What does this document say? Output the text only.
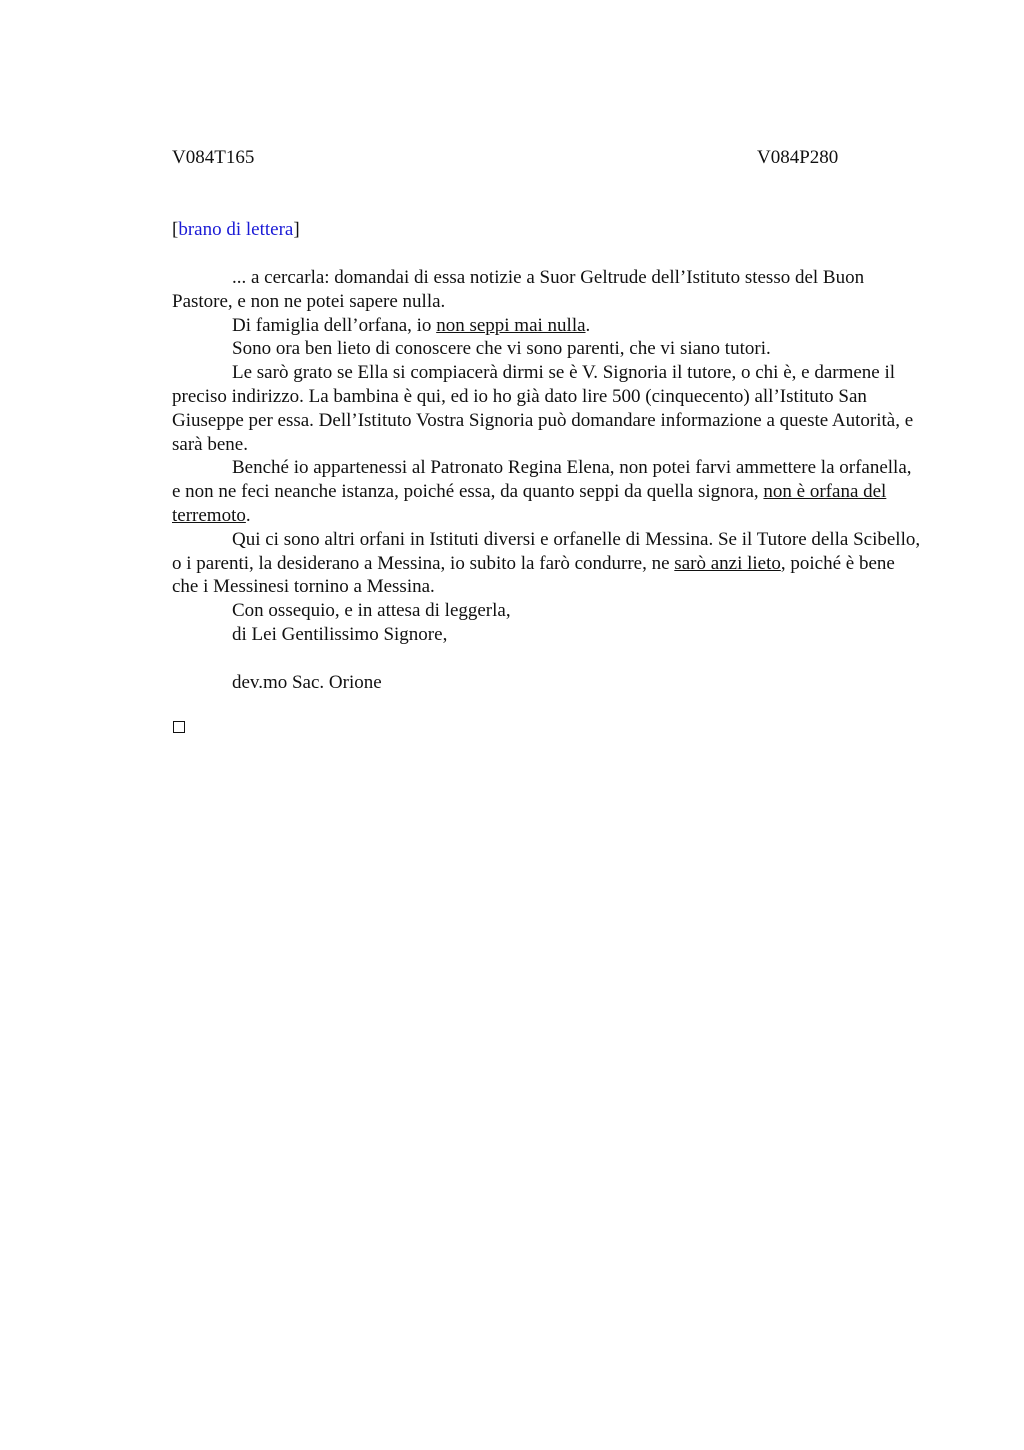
V084T165	V084P280
[brano di lettera]

... a cercarla: domandai di essa notizie a Suor Geltrude dell’Istituto stesso del Buon Pastore, e non ne potei sapere nulla.

Di famiglia dell’orfana, io non seppi mai nulla.

Sono ora ben lieto di conoscere che vi sono parenti, che vi siano tutori.

Le sarò grato se Ella si compiacerà dirmi se è V. Signoria il tutore, o chi è, e darmene il preciso indirizzo. La bambina è qui, ed io ho già dato lire 500 (cinquecento) all’Istituto San Giuseppe per essa. Dell’Istituto Vostra Signoria può domandare informazione a queste Autorità, e sarà bene.

Benché io appartenessi al Patronato Regina Elena, non potei farvi ammettere la orfanella, e non ne feci neanche istanza, poiché essa, da quanto seppi da quella signora, non è orfana del terremoto.

Qui ci sono altri orfani in Istituti diversi e orfanelle di Messina. Se il Tutore della Scibello, o i parenti, la desiderano a Messina, io subito la farò condurre, ne sarò anzi lieto, poiché è bene che i Messinesi tornino a Messina.

Con ossequio, e in attesa di leggerla,

di Lei Gentilissimo Signore,

dev.mo Sac. Orione
